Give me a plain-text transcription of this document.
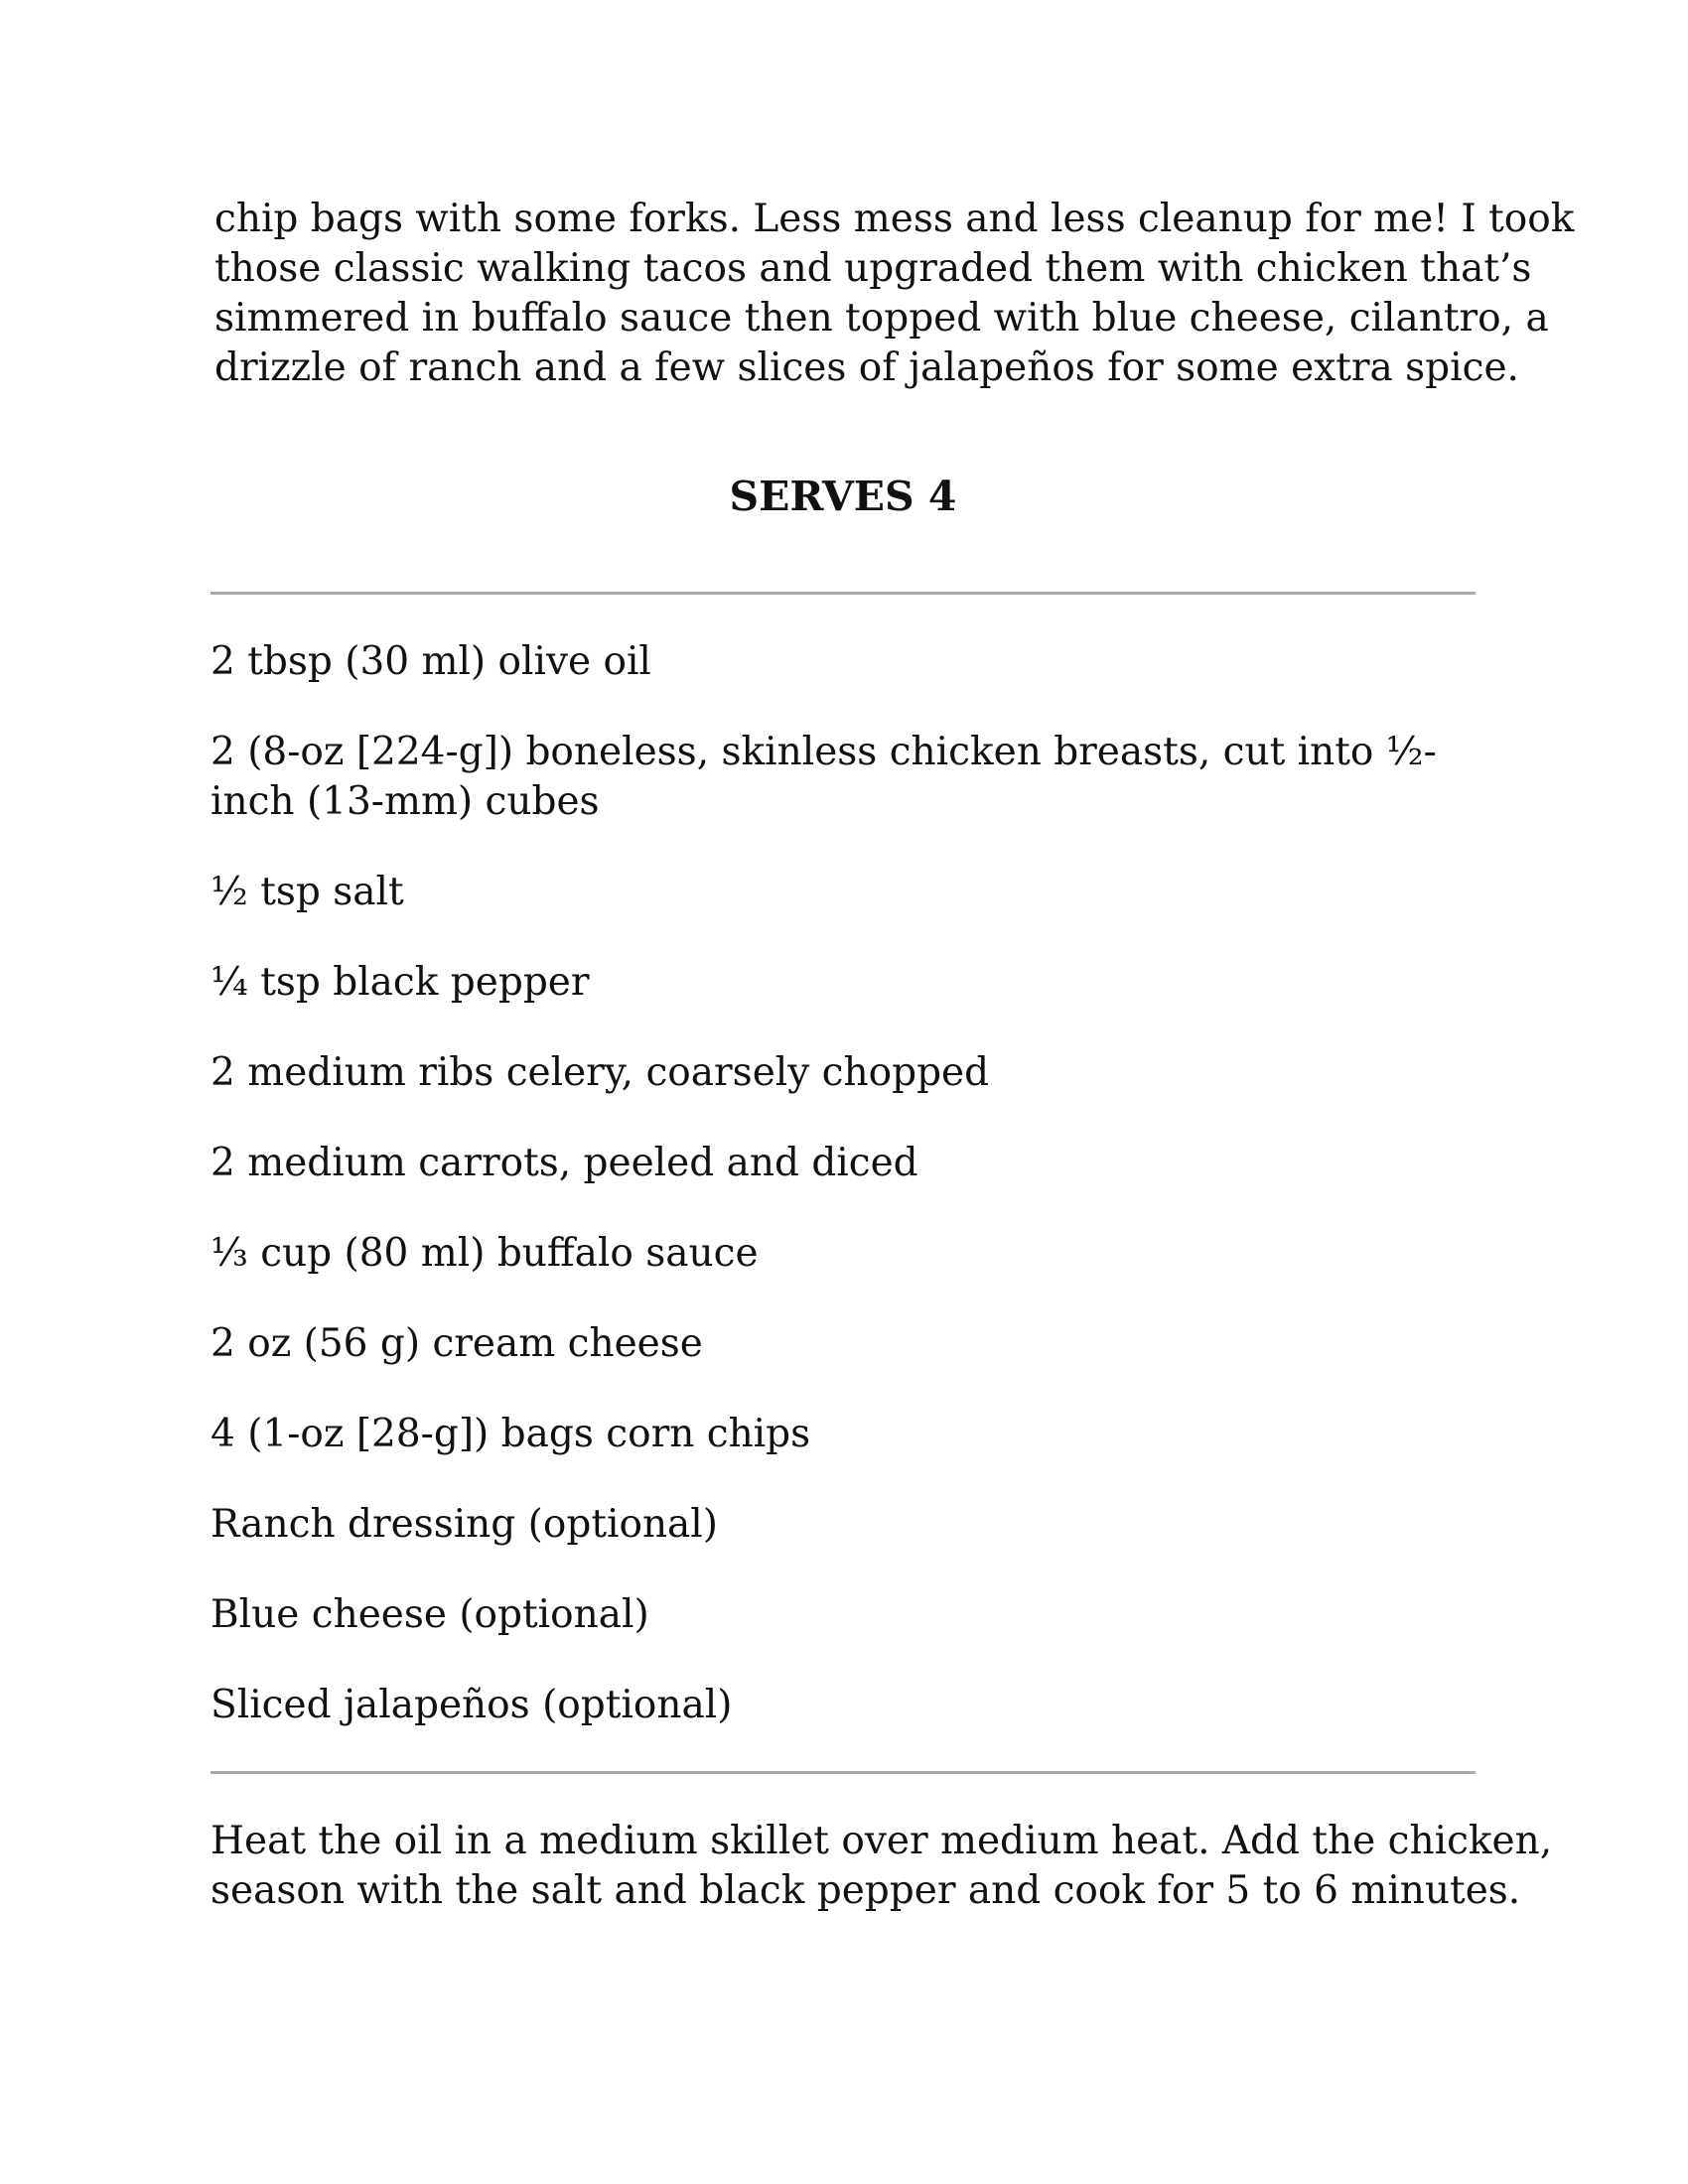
chip bags with some forks. Less mess and less cleanup for me! I took
those classic walking tacos and upgraded them with chicken that’s
simmered in buffalo sauce then topped with blue cheese, cilantro, a
drizzle of ranch and a few slices of jalapeños for some extra spice.

SERVES 4
2 tbsp (30 ml) olive oil
2 (8-oz [224-g]) boneless, skinless chicken breasts, cut into ½-inch (13-mm) cubes
½ tsp salt
¼ tsp black pepper
2 medium ribs celery, coarsely chopped
2 medium carrots, peeled and diced
⅓ cup (80 ml) buffalo sauce
2 oz (56 g) cream cheese
4 (1-oz [28-g]) bags corn chips
Ranch dressing (optional)
Blue cheese (optional)
Sliced jalapeños (optional)

Heat the oil in a medium skillet over medium heat. Add the chicken,
season with the salt and black pepper and cook for 5 to 6 minutes.
